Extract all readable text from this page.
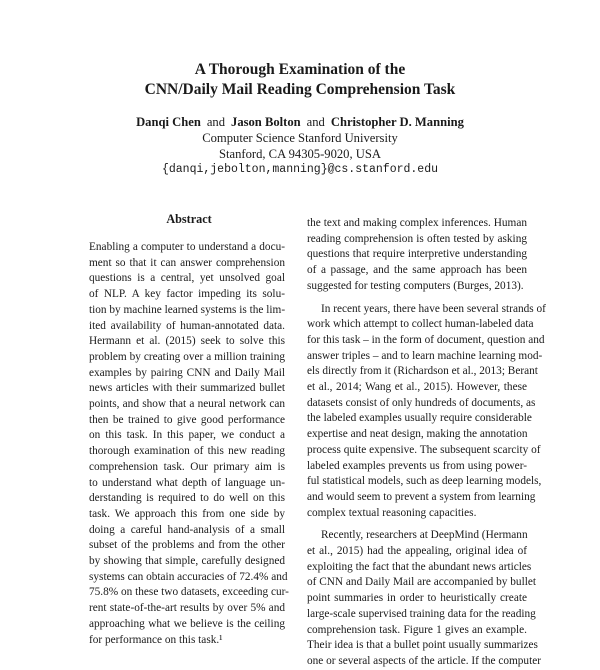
A Thorough Examination of the
CNN/Daily Mail Reading Comprehension Task
Danqi Chen and Jason Bolton and Christopher D. Manning
Computer Science Stanford University
Stanford, CA 94305-9020, USA
{danqi,jebolton,manning}@cs.stanford.edu
Abstract
Enabling a computer to understand a docu-
ment so that it can answer comprehension
questions is a central, yet unsolved goal
of NLP. A key factor impeding its solu-
tion by machine learned systems is the lim-
ited availability of human-annotated data.
Hermann et al. (2015) seek to solve this
problem by creating over a million training
examples by pairing CNN and Daily Mail
news articles with their summarized bullet
points, and show that a neural network can
then be trained to give good performance
on this task. In this paper, we conduct a
thorough examination of this new reading
comprehension task. Our primary aim is
to understand what depth of language un-
derstanding is required to do well on this
task. We approach this from one side by
doing a careful hand-analysis of a small
subset of the problems and from the other
by showing that simple, carefully designed
systems can obtain accuracies of 72.4% and
75.8% on these two datasets, exceeding cur-
rent state-of-the-art results by over 5% and
approaching what we believe is the ceiling
for performance on this task.¹
the text and making complex inferences. Human
reading comprehension is often tested by asking
questions that require interpretive understanding
of a passage, and the same approach has been
suggested for testing computers (Burges, 2013).
In recent years, there have been several strands of
work which attempt to collect human-labeled data
for this task – in the form of document, question and
answer triples – and to learn machine learning mod-
els directly from it (Richardson et al., 2013; Berant
et al., 2014; Wang et al., 2015). However, these
datasets consist of only hundreds of documents, as
the labeled examples usually require considerable
expertise and neat design, making the annotation
process quite expensive. The subsequent scarcity of
labeled examples prevents us from using power-
ful statistical models, such as deep learning models,
and would seem to prevent a system from learning
complex textual reasoning capacities.
Recently, researchers at DeepMind (Hermann
et al., 2015) had the appealing, original idea of
exploiting the fact that the abundant news articles
of CNN and Daily Mail are accompanied by bullet
point summaries in order to heuristically create
large-scale supervised training data for the reading
comprehension task. Figure 1 gives an example.
Their idea is that a bullet point usually summarizes
one or several aspects of the article. If the computer
